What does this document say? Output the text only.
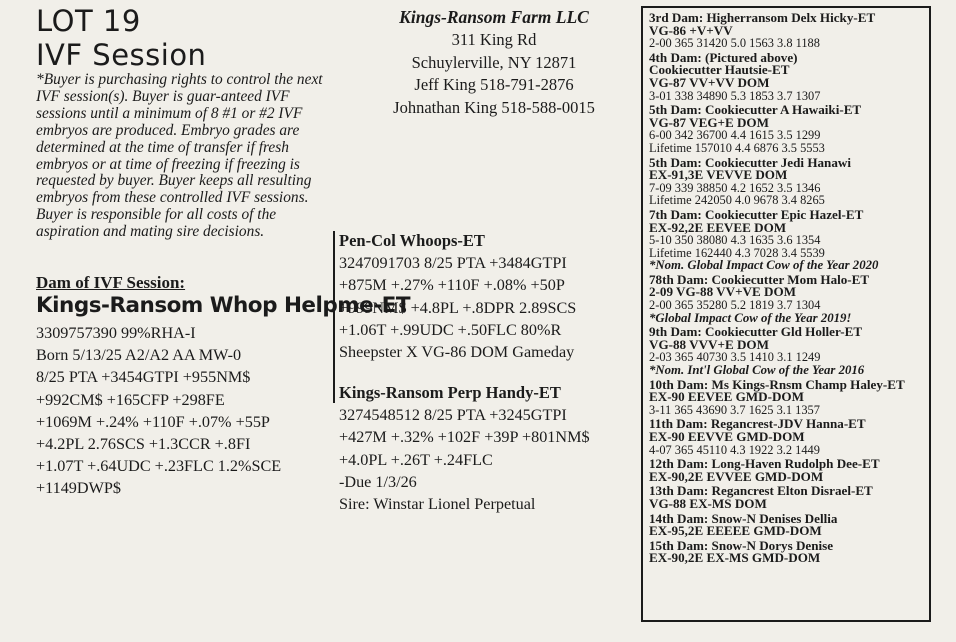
LOT 19
IVF Session

*Buyer is purchasing rights to control the next IVF session(s). Buyer is guar-anteed IVF sessions until a minimum of 8 #1 or #2 IVF embryos are produced. Embryo grades are determined at the time of transfer if fresh embryos or at time of freezing if freezing is requested by buyer. Buyer keeps all resulting embryos from these controlled IVF sessions. Buyer is responsible for all costs of the aspiration and mating sire decisions.

Dam of IVF Session:
Kings-Ransom Whop Helpme-ET
3309757390 99%RHA-I
Born 5/13/25 A2/A2 AA MW-0
8/25 PTA +3454GTPI +955NM$
+992CM$ +165CFP +298FE
+1069M +.24% +110F +.07% +55P
+4.2PL 2.76SCS +1.3CCR +.8FI
+1.07T +.64UDC +.23FLC 1.2%SCE
+1149DWP$
Kings-Ransom Farm LLC
311 King Rd
Schuylerville, NY 12871
Jeff King 518-791-2876
Johnathan King 518-588-0015
Pen-Col Whoops-ET
3247091703 8/25 PTA +3484GTPI
+875M +.27% +110F +.08% +50P
+999NM$ +4.8PL +.8DPR 2.89SCS
+1.06T +.99UDC +.50FLC 80%R
Sheepster X VG-86 DOM Gameday
Kings-Ransom Perp Handy-ET
3274548512 8/25 PTA +3245GTPI
+427M +.32% +102F +39P +801NM$
+4.0PL +.26T +.24FLC
-Due 1/3/26
Sire: Winstar Lionel Perpetual
3rd Dam: Higherransom Delx Hicky-ET
VG-86 +V+VV
2-00 365 31420 5.0 1563 3.8 1188
4th Dam: (Pictured above)
Cookiecutter Hautsie-ET
VG-87 VV+VV DOM
3-01 338 34890 5.3 1853 3.7 1307
5th Dam: Cookiecutter A Hawaiki-ET
VG-87 VEG+E DOM
6-00 342 36700 4.4 1615 3.5 1299
Lifetime 157010 4.4 6876 3.5 5553
5th Dam: Cookiecutter Jedi Hanawi
EX-91,3E VEVVE DOM
7-09 339 38850 4.2 1652 3.5 1346
Lifetime 242050 4.0 9678 3.4 8265
7th Dam: Cookiecutter Epic Hazel-ET
EX-92,2E EEVEE DOM
5-10 350 38080 4.3 1635 3.6 1354
Lifetime 162440 4.3 7028 3.4 5539
*Nom. Global Impact Cow of the Year 2020
78th Dam: Cookiecutter Mom Halo-ET
2-09 VG-88 VV+VE DOM
2-00 365 35280 5.2 1819 3.7 1304
*Global Impact Cow of the Year 2019!
9th Dam: Cookiecutter Gld Holler-ET
VG-88 VVV+E DOM
2-03 365 40730 3.5 1410 3.1 1249
*Nom. Int'l Global Cow of the Year 2016
10th Dam: Ms Kings-Rnsm Champ Haley-ET
EX-90 EEVEE GMD-DOM
3-11 365 43690 3.7 1625 3.1 1357
11th Dam: Regancrest-JDV Hanna-ET
EX-90 EEVVE GMD-DOM
4-07 365 45110 4.3 1922 3.2 1449
12th Dam: Long-Haven Rudolph Dee-ET
EX-90,2E EVVEE GMD-DOM
13th Dam: Regancrest Elton Disrael-ET
VG-88 EX-MS DOM
14th Dam: Snow-N Denises Dellia
EX-95,2E EEEEE GMD-DOM
15th Dam: Snow-N Dorys Denise
EX-90,2E EX-MS GMD-DOM
